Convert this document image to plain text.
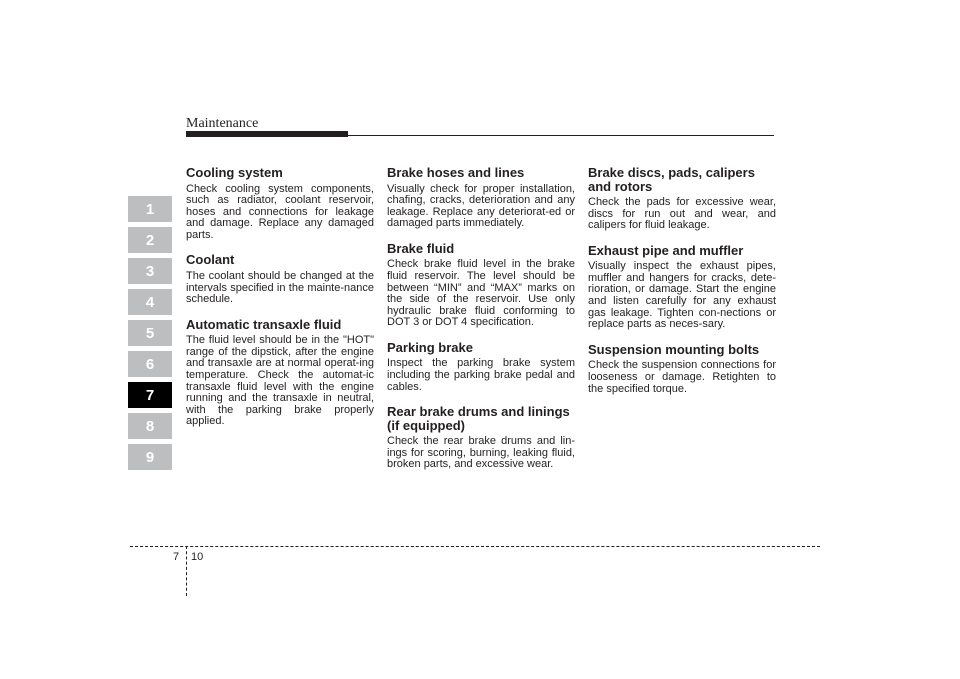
Maintenance
1
2
3
4
5
6
7
8
9
Cooling system
Check cooling system components, such as radiator, coolant reservoir, hoses and connections for leakage and damage. Replace any damaged parts.
Coolant
The coolant should be changed at the intervals specified in the mainte-nance schedule.
Automatic transaxle fluid
The fluid level should be in the "HOT" range of the dipstick, after the engine and transaxle are at normal operat-ing temperature. Check the automat-ic transaxle fluid level with the engine running and the transaxle in neutral, with the parking brake properly applied.
Brake hoses and lines
Visually check for proper installation, chafing, cracks, deterioration and any leakage. Replace any deteriorat-ed or damaged parts immediately.
Brake fluid
Check brake fluid level in the brake fluid reservoir. The level should be between “MIN” and “MAX” marks on the side of the reservoir. Use only hydraulic brake fluid conforming to DOT 3 or DOT 4 specification.
Parking brake
Inspect the parking brake system including the parking brake pedal and cables.
Rear brake drums and linings (if equipped)
Check the rear brake drums and lin-ings for scoring, burning, leaking fluid, broken parts, and excessive wear.
Brake discs, pads, calipers and rotors
Check the pads for excessive wear, discs for run out and wear, and calipers for fluid leakage.
Exhaust pipe and muffler
Visually inspect the exhaust pipes, muffler and hangers for cracks, dete-rioration, or damage. Start the engine and listen carefully for any exhaust gas leakage. Tighten con-nections or replace parts as neces-sary.
Suspension mounting bolts
Check the suspension connections for looseness or damage. Retighten to the specified torque.
7 10
